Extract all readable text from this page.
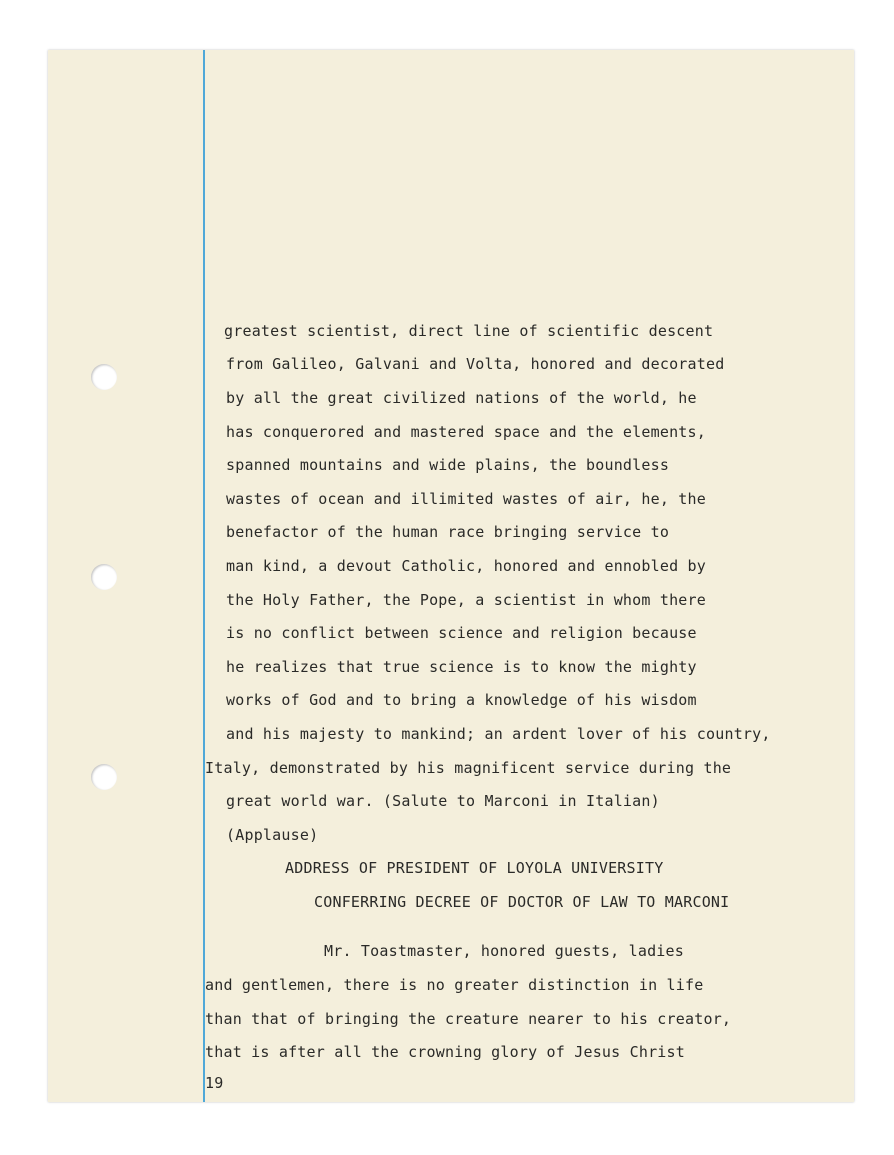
greatest scientist, direct line of scientific descent
from Galileo, Galvani and Volta, honored and decorated
by all the great civilized nations of the world, he
has conquerored and mastered space and the elements,
spanned mountains and wide plains, the boundless
wastes of ocean and illimited wastes of air, he, the
benefactor of the human race bringing service to
man kind, a devout Catholic, honored and ennobled by
the Holy Father, the Pope, a scientist in whom there
is no conflict between science and religion because
he realizes that true science is to know the mighty
works of God and to bring a knowledge of his wisdom
and his majesty to mankind; an ardent lover of his country,
Italy, demonstrated by his magnificent service during the
great world war. (Salute to Marconi in Italian)
(Applause)
ADDRESS OF PRESIDENT OF LOYOLA UNIVERSITY
CONFERRING DECREE OF DOCTOR OF LAW TO MARCONI
Mr. Toastmaster, honored guests, ladies
and gentlemen, there is no greater distinction in life
than that of bringing the creature nearer to his creator,
that is after all the crowning glory of Jesus Christ
19
